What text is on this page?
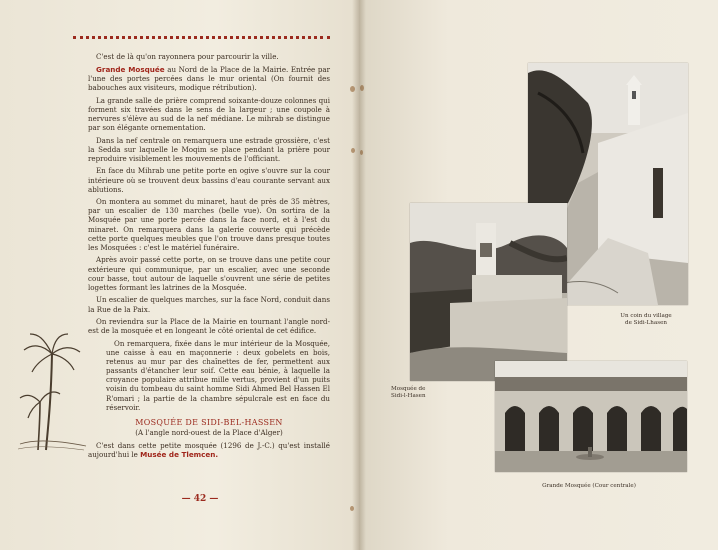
C'est de là qu'on rayonnera pour parcourir la ville.

Grande Mosquée au Nord de la Place de la Mairie. Entrée par l'une des portes percées dans le mur oriental (On fournit des babouches aux visiteurs, modique rétribution).

La grande salle de prière comprend soixante-douze colonnes qui forment six travées dans le sens de la largeur ; une coupole à nervures s'élève au sud de la nef médiane. Le mihrab se distingue par son élégante ornementation.

Dans la nef centrale on remarquera une estrade grossière, c'est la Sedda sur laquelle le Moqim se place pendant la prière pour reproduire visiblement les mouvements de l'officiant.

En face du Mihrab une petite porte en ogive s'ouvre sur la cour intérieure où se trouvent deux bassins d'eau courante servant aux ablutions.

On montera au sommet du minaret, haut de près de 35 mètres, par un escalier de 130 marches (belle vue). On sortira de la Mosquée par une porte percée dans la face nord, et à l'est du minaret. On remarquera dans la galerie couverte qui précède cette porte quelques meubles que l'on trouve dans presque toutes les Mosquées : c'est le matériel funéraire.

Après avoir passé cette porte, on se trouve dans une petite cour extérieure qui communique, par un escalier, avec une seconde cour basse, tout autour de laquelle s'ouvrent une série de petites logettes formant les latrines de la Mosquée.

Un escalier de quelques marches, sur la face Nord, conduit dans la Rue de la Paix.

On reviendra sur la Place de la Mairie en tournant l'angle nord-est de la mosquée et en longeant le côté oriental de cet édifice.

On remarquera, fixée dans le mur intérieur de la Mosquée, une caisse à eau en maçonnerie : deux gobelets en bois, retenus au mur par des chaînettes de fer, permettent aux passants d'étancher leur soif. Cette eau bénie, à laquelle la croyance populaire attribue mille vertus, provient d'un puits voisin du tombeau du saint homme Sidi Ahmed Bel Hassen El R'omari ; la partie de la chambre sépulcrale est en face du réservoir.

MOSQUÉE DE SIDI-BEL-HASSEN

(A l'angle nord-ouest de la Place d'Alger)

C'est dans cette petite mosquée (1296 de J.-C.) qu'est installé aujourd'hui le Musée de Tlemcen.

— 42 —
Un coin du village de Sidi-Lhasen
Mosquée de Sidi-l-Hasen
Grande Mosquée (Cour centrale)
